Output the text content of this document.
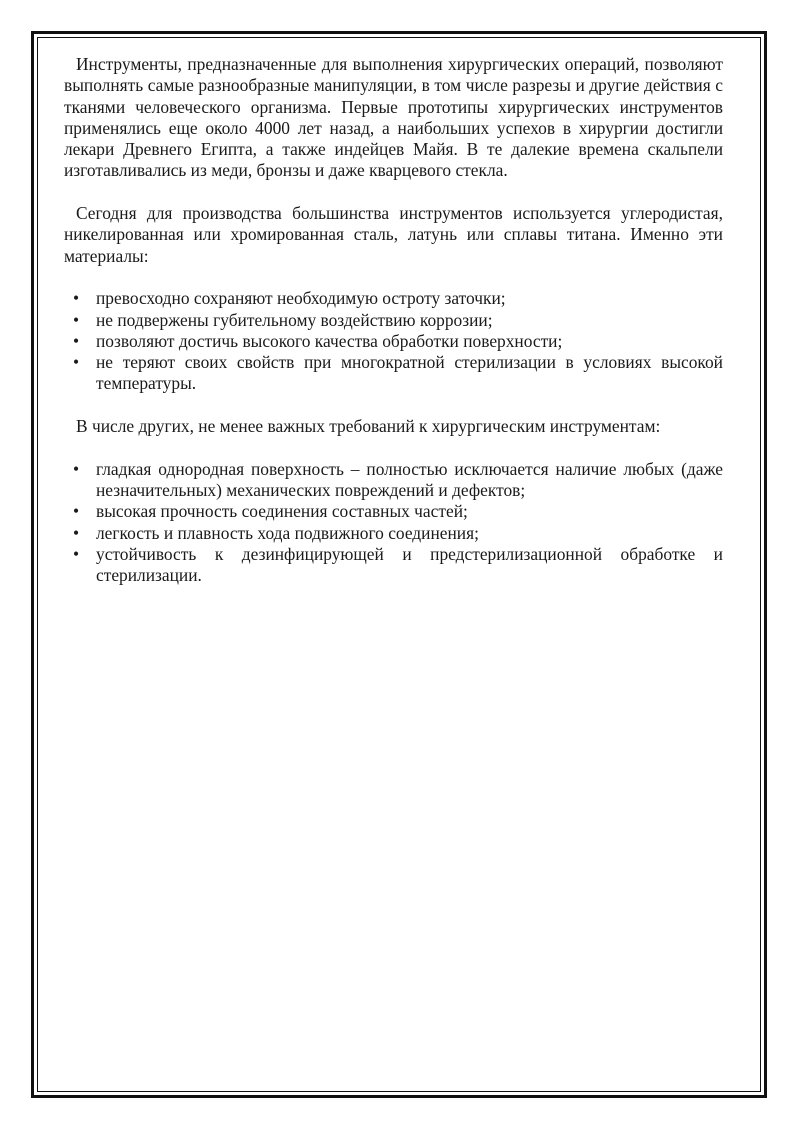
Инструменты, предназначенные для выполнения хирургических операций, позволяют выполнять самые разнообразные манипуляции, в том числе разрезы и другие действия с тканями человеческого организма. Первые прототипы хирургических инструментов применялись еще около 4000 лет назад, а наибольших успехов в хирургии достигли лекари Древнего Египта, а также индейцев Майя. В те далекие времена скальпели изготавливались из меди, бронзы и даже кварцевого стекла.

Сегодня для производства большинства инструментов используется углеродистая, никелированная или хромированная сталь, латунь или сплавы титана. Именно эти материалы:

• превосходно сохраняют необходимую остроту заточки;
• не подвержены губительному воздействию коррозии;
• позволяют достичь высокого качества обработки поверхности;
• не теряют своих свойств при многократной стерилизации в условиях высокой температуры.

В числе других, не менее важных требований к хирургическим инструментам:

• гладкая однородная поверхность – полностью исключается наличие любых (даже незначительных) механических повреждений и дефектов;
• высокая прочность соединения составных частей;
• легкость и плавность хода подвижного соединения;
• устойчивость к дезинфицирующей и предстерилизационной обработке и стерилизации.
